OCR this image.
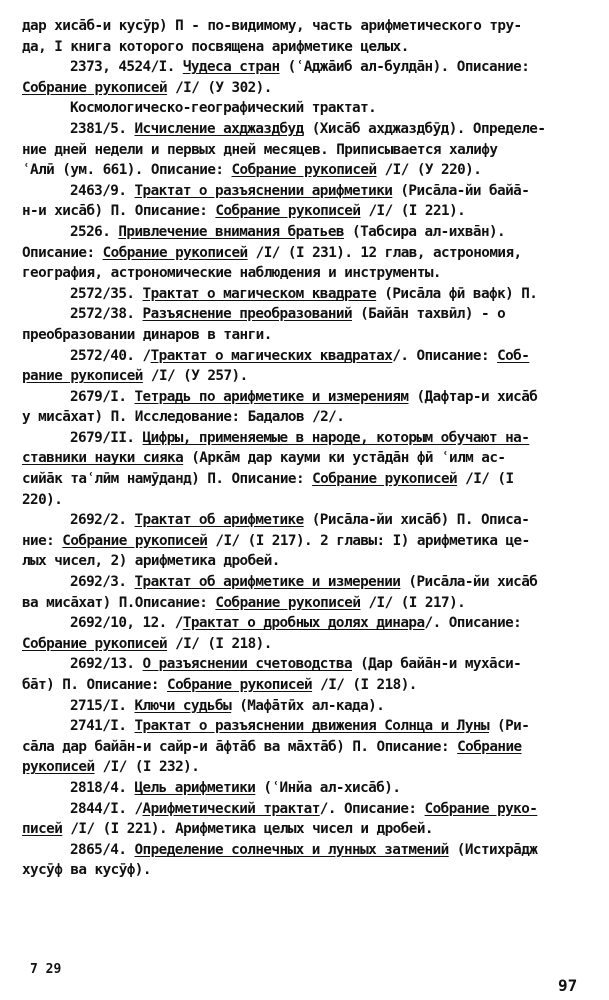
дар хисāб-и кусӯр) П - по-видимому, часть арифметического тру-
да, I книга которого посвящена арифметике целых.
2373, 4524/I. Чудеса стран (ʿАджāиб ал-булдāн). Описание:
Собрание рукописей /I/ (У 302).
Космологическо-географический трактат.
2381/5. Исчисление ахджаздбуд (Хисāб ахджаздбӯд). Определе-
ние дней недели и первых дней месяцев. Приписывается халифу
ʿАлӣ (ум. 661). Описание: Собрание рукописей /I/ (У 220).
2463/9. Трактат о разъяснении арифметики (Рисāла-йи байā-
н-и хисāб) П. Описание: Собрание рукописей /I/ (I 221).
2526. Привлечение внимания братьев (Табсира ал-ихвāн).
Описание: Собрание рукописей /I/ (I 231). 12 глав, астрономия,
география, астрономические наблюдения и инструменты.
2572/35. Трактат о магическом квадрате (Рисāла фӣ вафк) П.
2572/38. Разъяснение преобразований (Байāн тахвӣл) - о
преобразовании динаров в танги.
2572/40. /Трактат о магических квадратах/. Описание: Соб-
рание рукописей /I/ (У 257).
2679/I. Тетрадь по арифметике и измерениям (Дафтар-и хисāб
у мисāхат) П. Исследование: Бадалов /2/.
2679/II. Цифры, применяемые в народе, которым обучают на-
ставники науки сияка (Аркāм дар кауми ки устāдāн фӣ ʿилм ас-
сийāк таʿлӣм намӯданд) П. Описание: Собрание рукописей /I/ (I
220).
2692/2. Трактат об арифметике (Рисāла-йи хисāб) П. Описа-
ние: Собрание рукописей /I/ (I 217). 2 главы: I) арифметика це-
лых чисел, 2) арифметика дробей.
2692/3. Трактат об арифметике и измерении (Рисāла-йи хисāб
ва мисāхат) П.Описание: Собрание рукописей /I/ (I 217).
2692/10, 12. /Трактат о дробных долях динара/. Описание:
Собрание рукописей /I/ (I 218).
2692/13. О разъяснении счетоводства (Дар байāн-и мухāси-
бāт) П. Описание: Собрание рукописей /I/ (I 218).
2715/I. Ключи судьбы (Мафāтӣх ал-када).
2741/I. Трактат о разъяснении движения Солнца и Луны (Ри-
сāла дар байāн-и сайр-и āфтāб ва мāхтāб) П. Описание: Собрание
рукописей /I/ (I 232).
2818/4. Цель арифметики (ʿИнйа ал-хисāб).
2844/I. /Арифметический трактат/. Описание: Собрание руко-
писей /I/ (I 221). Арифметика целых чисел и дробей.
2865/4. Определение солнечных и лунных затмений (Истихрāдж
хусӯф ва кусӯф).
7 29
97
